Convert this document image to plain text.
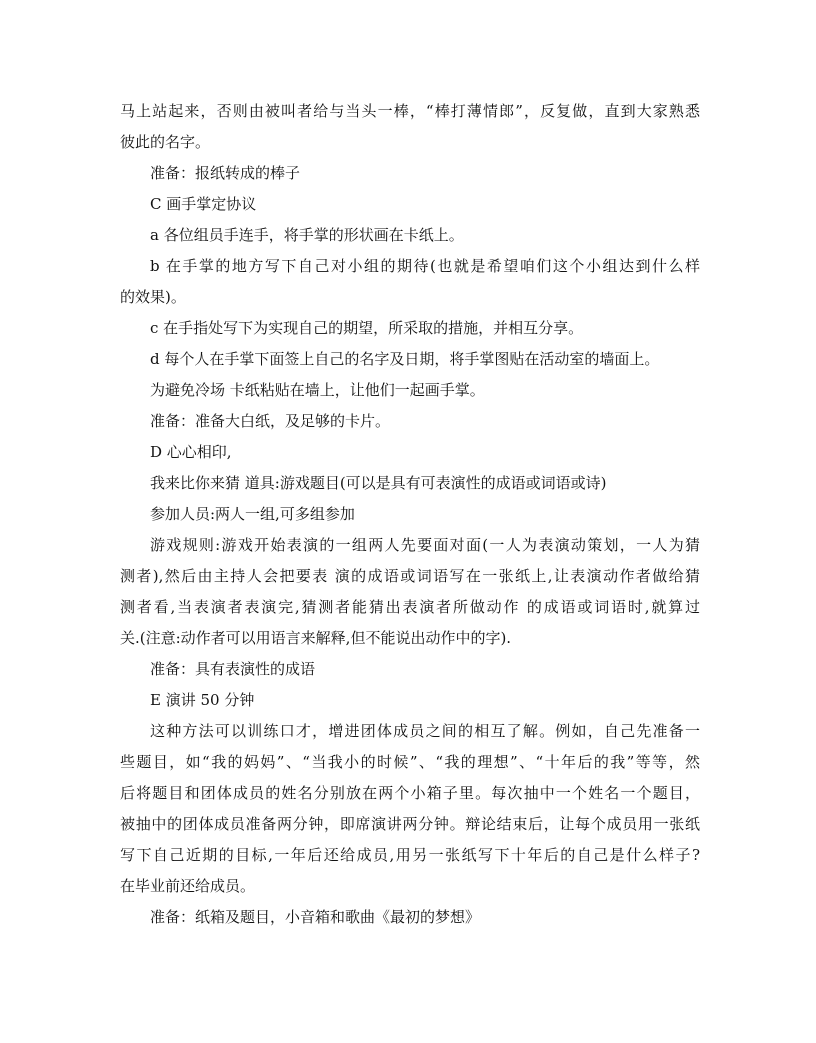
马上站起来，否则由被叫者给与当头一棒，“棒打薄情郎”，反复做，直到大家熟悉
彼此的名字。
准备：报纸转成的棒子
C 画手掌定协议
a 各位组员手连手，将手掌的形状画在卡纸上。
b 在手掌的地方写下自己对小组的期待(也就是希望咱们这个小组达到什么样
的效果)。
c 在手指处写下为实现自己的期望，所采取的措施，并相互分享。
d 每个人在手掌下面签上自己的名字及日期，将手掌图贴在活动室的墙面上。
为避免冷场 卡纸粘贴在墙上，让他们一起画手掌。
准备：准备大白纸，及足够的卡片。
D 心心相印,
我来比你来猜 道具:游戏题目(可以是具有可表演性的成语或词语或诗)
参加人员:两人一组,可多组参加
游戏规则:游戏开始表演的一组两人先要面对面(一人为表演动策划，一人为猜
测者),然后由主持人会把要表 演的成语或词语写在一张纸上,让表演动作者做给猜
测者看,当表演者表演完,猜测者能猜出表演者所做动作 的成语或词语时,就算过
关.(注意:动作者可以用语言来解释,但不能说出动作中的字).
准备：具有表演性的成语
E 演讲 50 分钟
这种方法可以训练口才，增进团体成员之间的相互了解。例如，自己先准备一
些题目，如“我的妈妈”、“当我小的时候”、“我的理想”、“十年后的我”等等，然
后将题目和团体成员的姓名分别放在两个小箱子里。每次抽中一个姓名一个题目，
被抽中的团体成员准备两分钟，即席演讲两分钟。辩论结束后，让每个成员用一张纸
写下自己近期的目标,一年后还给成员,用另一张纸写下十年后的自己是什么样子?
在毕业前还给成员。
准备：纸箱及题目，小音箱和歌曲《最初的梦想》
